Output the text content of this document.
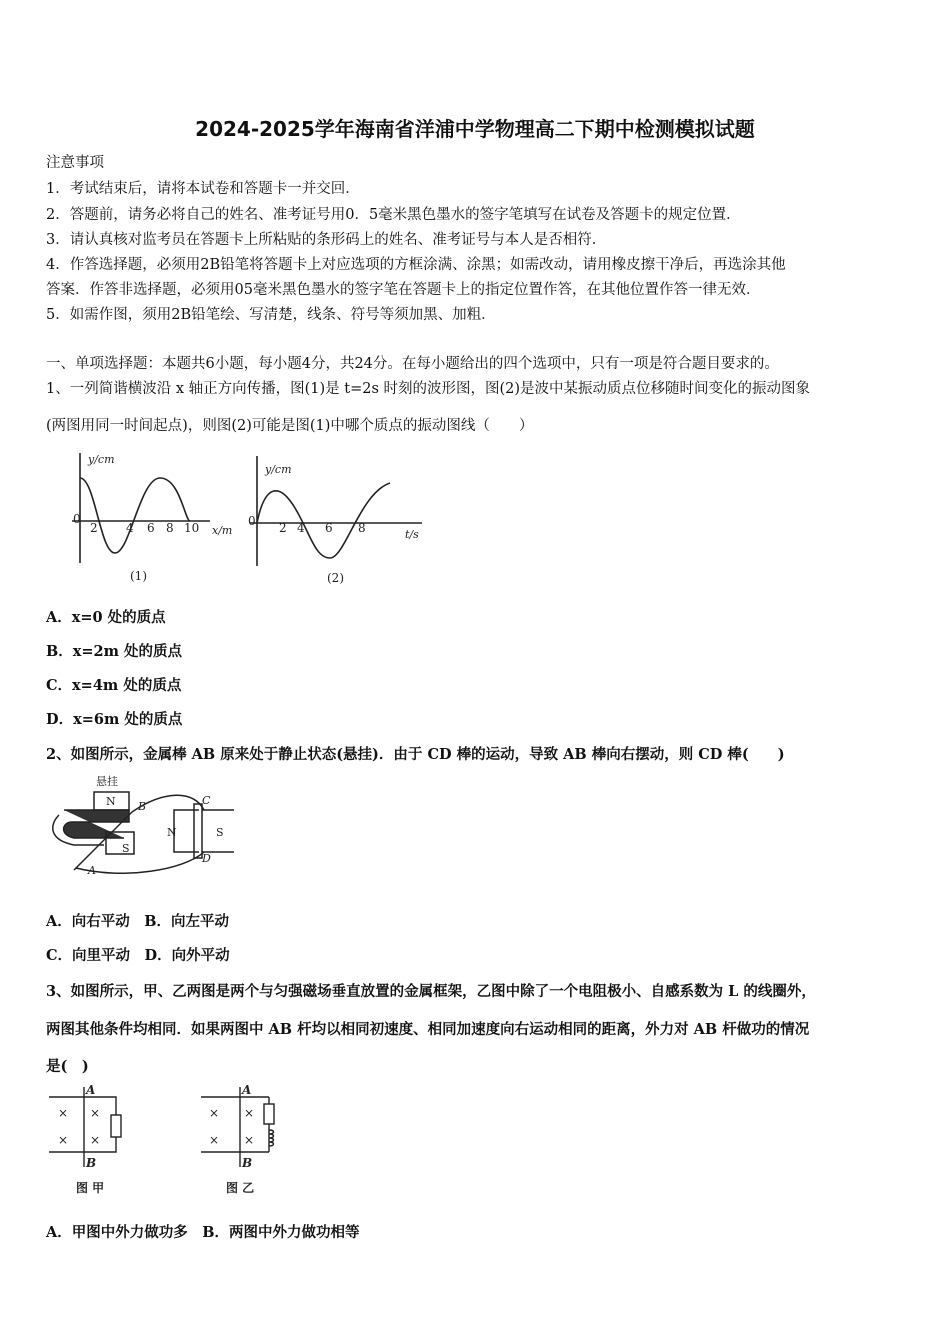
2024-2025学年海南省洋浦中学物理高二下期中检测模拟试题
注意事项
1．考试结束后，请将本试卷和答题卡一并交回．
2．答题前，请务必将自己的姓名、准考证号用0．5毫米黑色墨水的签字笔填写在试卷及答题卡的规定位置．
3．请认真核对监考员在答题卡上所粘贴的条形码上的姓名、准考证号与本人是否相符．
4．作答选择题，必须用2B铅笔将答题卡上对应选项的方框涂满、涂黑；如需改动，请用橡皮擦干净后，再选涂其他
答案．作答非选择题，必须用05毫米黑色墨水的签字笔在答题卡上的指定位置作答，在其他位置作答一律无效．
5．如需作图，须用2B铅笔绘、写清楚，线条、符号等须加黑、加粗．
一、单项选择题：本题共6小题，每小题4分，共24分。在每小题给出的四个选项中，只有一项是符合题目要求的。
1、一列简谐横波沿 x 轴正方向传播，图(1)是 t=2s 时刻的波形图，图(2)是波中某振动质点位移随时间变化的振动图象
(两图用同一时间起点)，则图(2)可能是图(1)中哪个质点的振动图线（　　）
y/cm
x/m
y/cm
t/s
0
2 4 6 8 10
(1)
0 2 4 6 8
(2)
A．x=0 处的质点
B．x=2m 处的质点
C．x=4m 处的质点
D．x=6m 处的质点
2、如图所示，金属棒 AB 原来处于静止状态(悬挂)．由于 CD 棒的运动，导致 AB 棒向右摆动，则 CD 棒(　　)
悬挂
N
S
N	S
A
B	C
D
A．向右平动　B．向左平动
C．向里平动　D．向外平动
3、如图所示，甲、乙两图是两个与匀强磁场垂直放置的金属框架，乙图中除了一个电阻极小、自感系数为 L 的线圈外，
两图其他条件均相同．如果两图中 AB 杆均以相同初速度、相同加速度向右运动相同的距离，外力对 AB 杆做功的情况
是(　)
× ×
× ×
× ×
× ×
图 甲	图 乙
A
B
A
B
A．甲图中外力做功多　B．两图中外力做功相等
